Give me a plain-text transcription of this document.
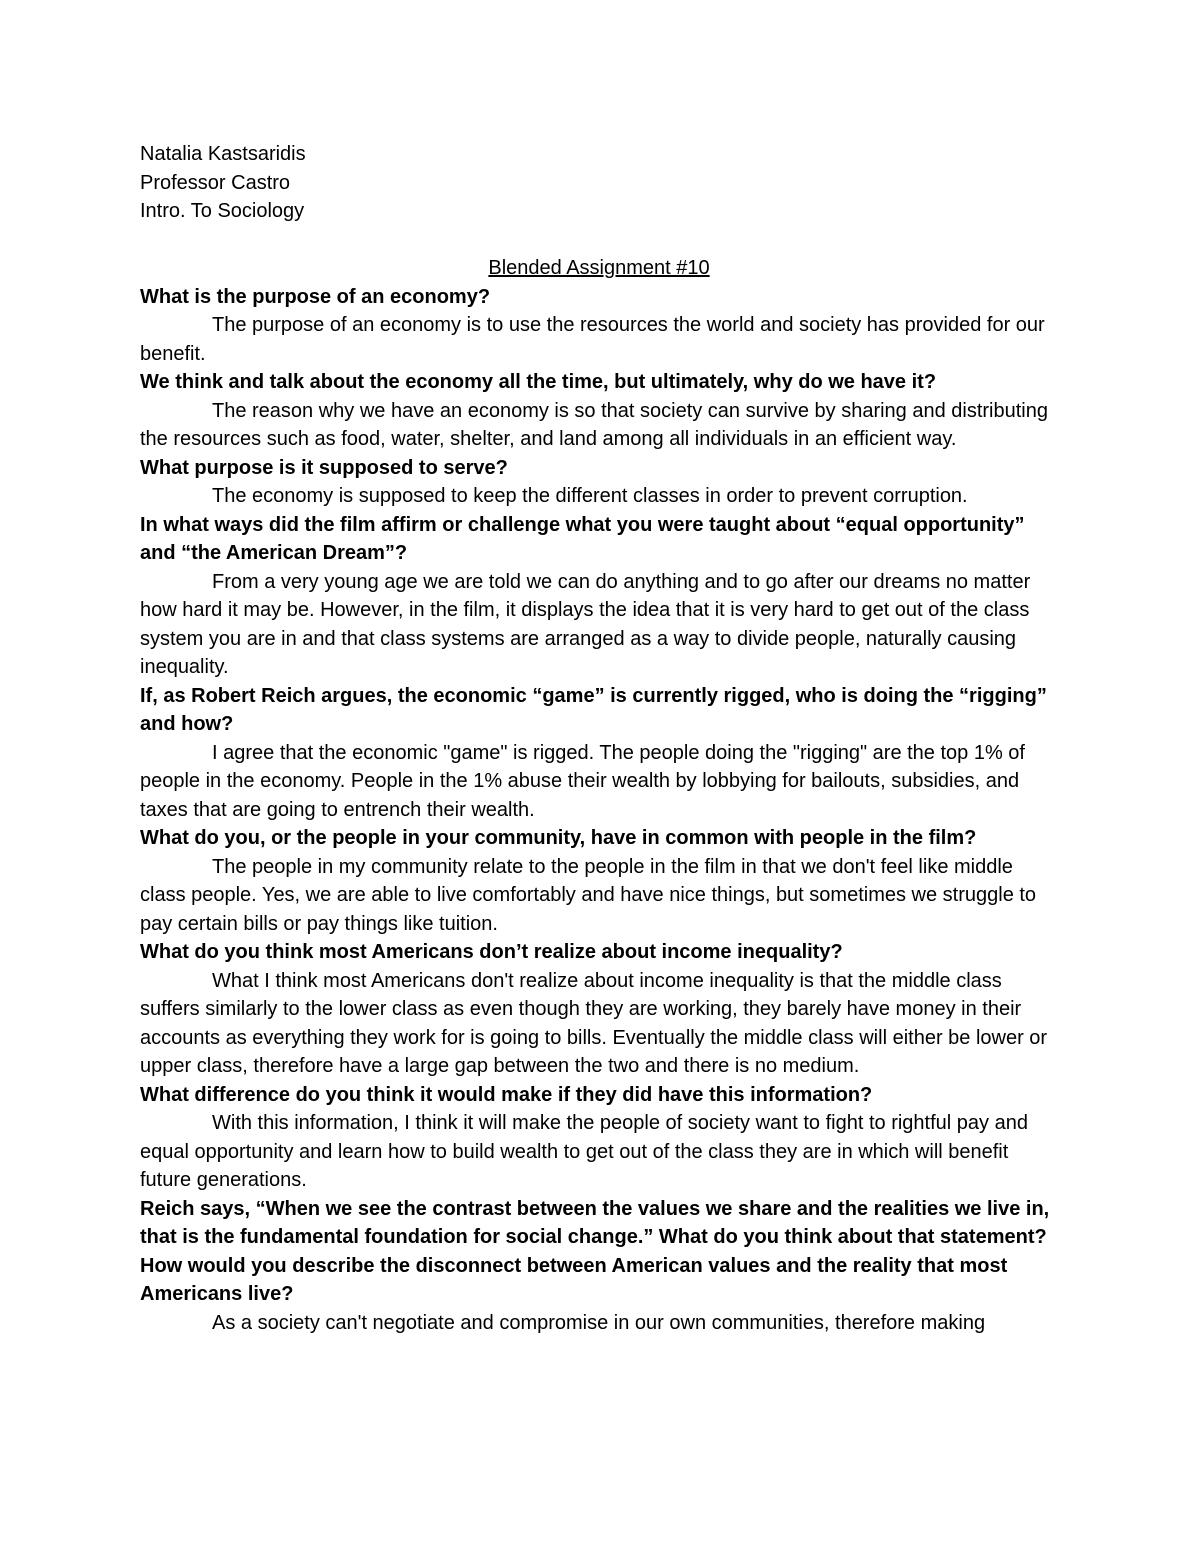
Natalia Kastsaridis

Professor Castro

Intro. To Sociology

Blended Assignment #10

What is the purpose of an economy?

The purpose of an economy is to use the resources the world and society has provided for our benefit.

We think and talk about the economy all the time, but ultimately, why do we have it?

The reason why we have an economy is so that society can survive by sharing and distributing the resources such as food, water, shelter, and land among all individuals in an efficient way.

What purpose is it supposed to serve?

The economy is supposed to keep the different classes in order to prevent corruption.

In what ways did the film affirm or challenge what you were taught about “equal opportunity” and “the American Dream”?

From a very young age we are told we can do anything and to go after our dreams no matter how hard it may be. However, in the film, it displays the idea that it is very hard to get out of the class system you are in and that class systems are arranged as a way to divide people, naturally causing inequality.

If, as Robert Reich argues, the economic “game” is currently rigged, who is doing the “rigging” and how?

I agree that the economic "game" is rigged. The people doing the "rigging" are the top 1% of people in the economy. People in the 1% abuse their wealth by lobbying for bailouts, subsidies, and taxes that are going to entrench their wealth.

What do you, or the people in your community, have in common with people in the film?

The people in my community relate to the people in the film in that we don't feel like middle class people. Yes, we are able to live comfortably and have nice things, but sometimes we struggle to pay certain bills or pay things like tuition.

What do you think most Americans don’t realize about income inequality?

What I think most Americans don't realize about income inequality is that the middle class suffers similarly to the lower class as even though they are working, they barely have money in their accounts as everything they work for is going to bills. Eventually the middle class will either be lower or upper class, therefore have a large gap between the two and there is no medium.

What difference do you think it would make if they did have this information?

With this information, I think it will make the people of society want to fight to rightful pay and equal opportunity and learn how to build wealth to get out of the class they are in which will benefit future generations.

Reich says, “When we see the contrast between the values we share and the realities we live in, that is the fundamental foundation for social change.” What do you think about that statement? How would you describe the disconnect between American values and the reality that most Americans live?

As a society can't negotiate and compromise in our own communities, therefore making
